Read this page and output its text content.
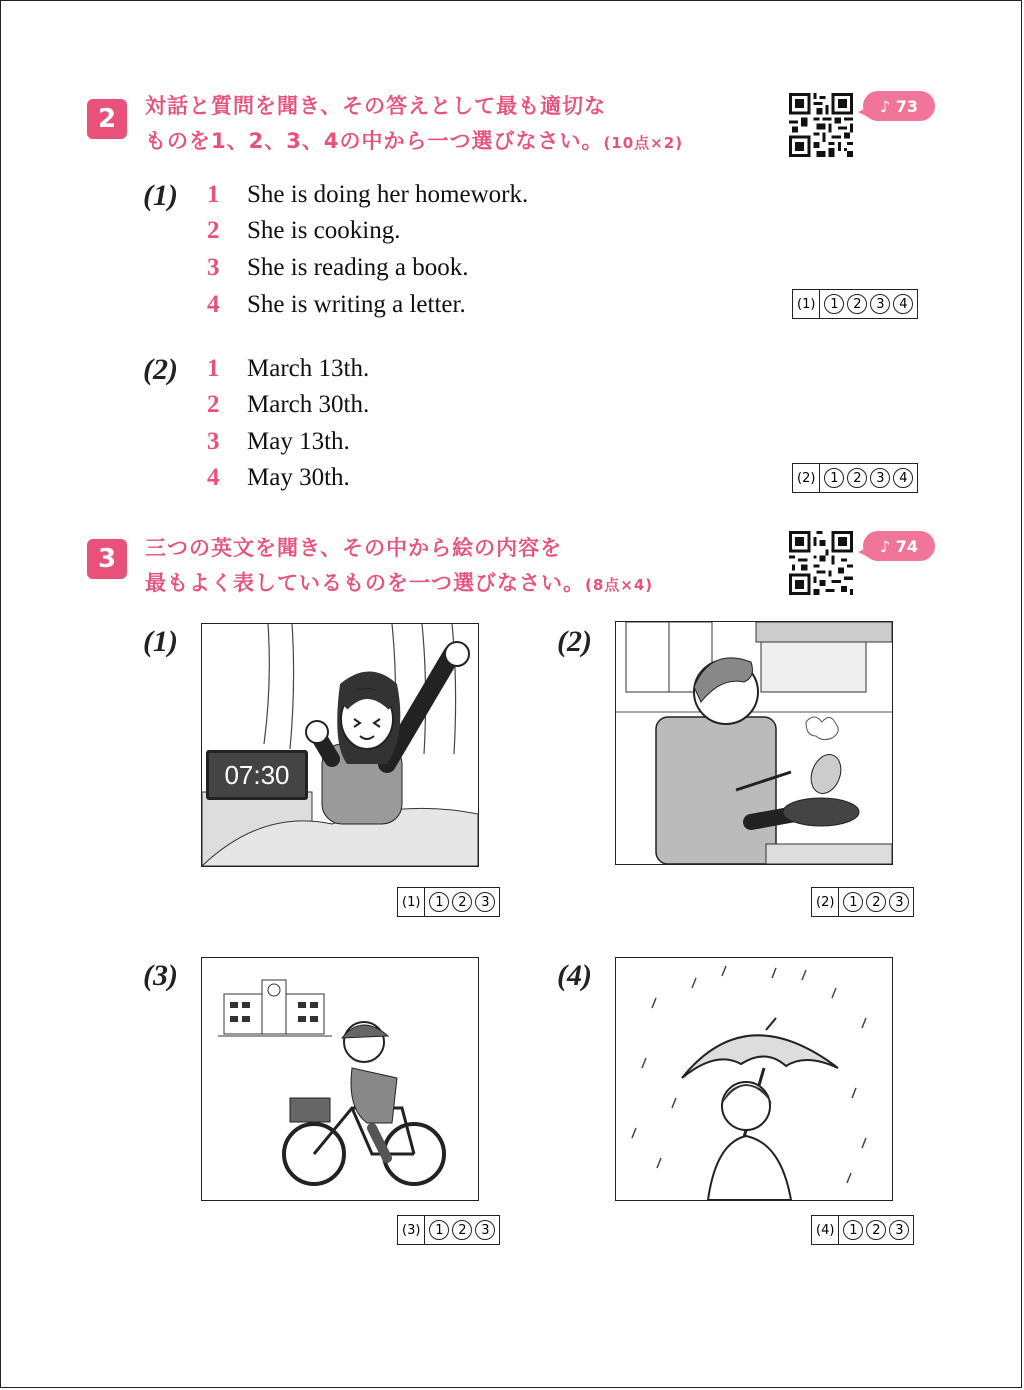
2	対話と質問を聞き、その答えとして最も適切な
ものを1、2、3、4の中から一つ選びなさい。(10点×2)
♪ 73
(1) 1	She is doing her homework.
2	She is cooking.
3	She is reading a book.
4	She is writing a letter.	(1)	1	2	3	4
(2) 1	March 13th.
2	March 30th.
3	May 13th.
4	May 30th.	(2)	1	2	3	4
3	三つの英文を聞き、その中から絵の内容を
最もよく表しているものを一つ選びなさい。(8点×4)
♪ 74
(1)
07:30
(1)	1	2	3
(2)
(2)	1	2	3
(3)
(3)	1	2	3
(4)
(4)	1	2	3
